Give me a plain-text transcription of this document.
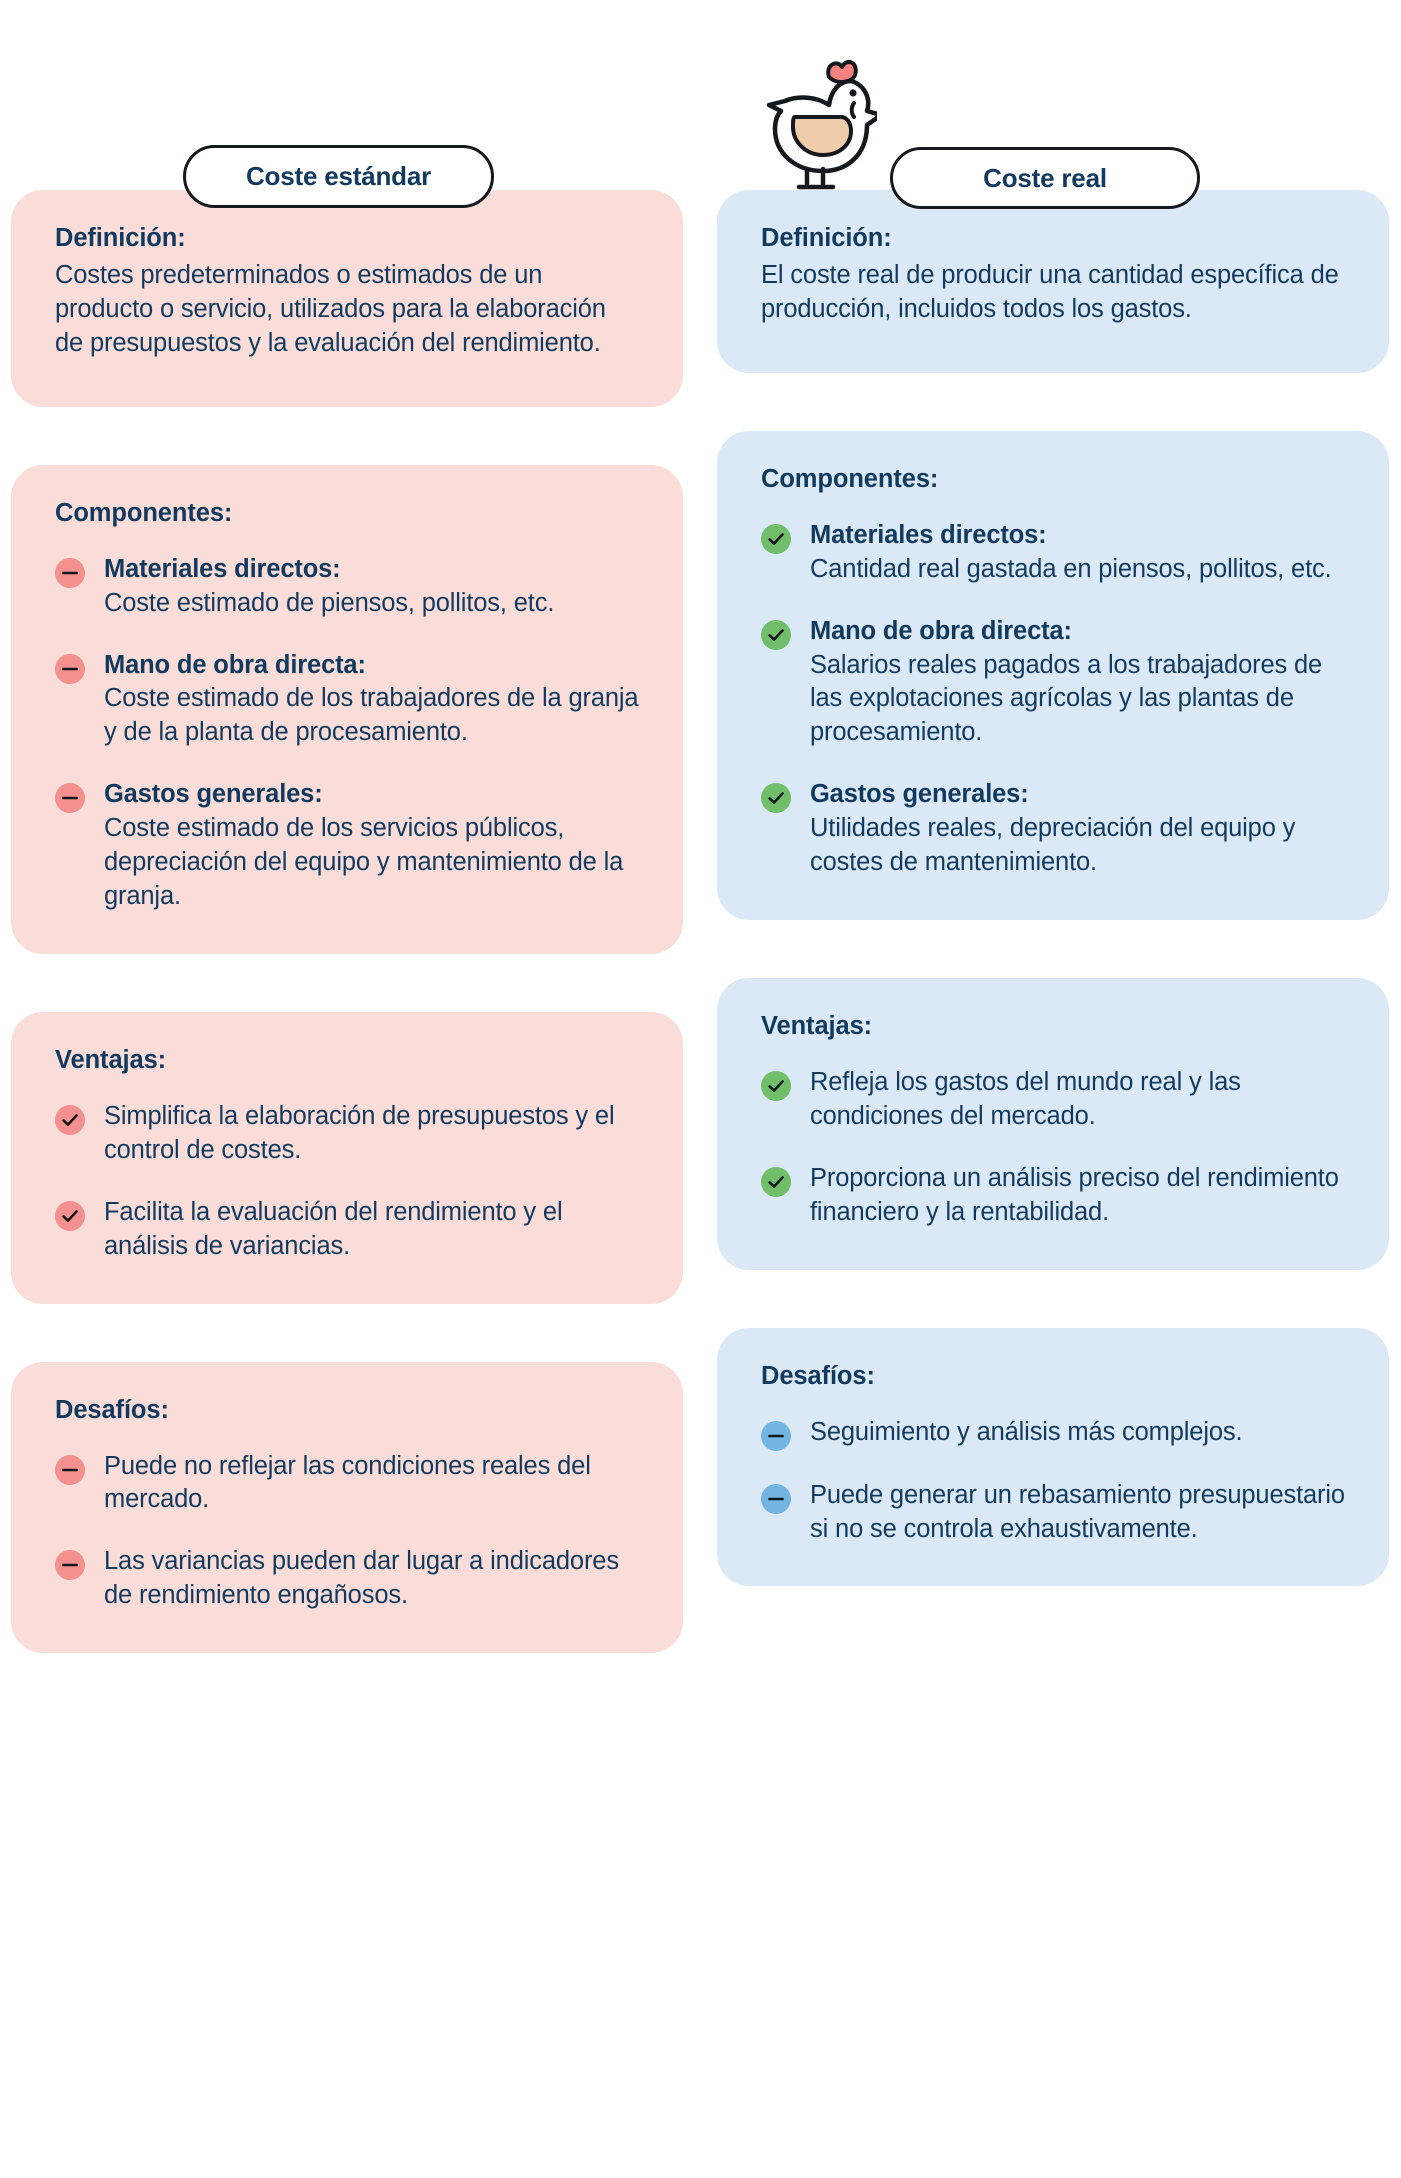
Definición:

Costes predeterminados o estimados de un producto o servicio, utilizados para la elaboración de presupuestos y la evaluación del rendimiento.

Componentes:

Materiales directos:
Coste estimado de piensos, pollitos, etc.
Mano de obra directa:
Coste estimado de los trabajadores de la granja y de la planta de procesamiento.
Gastos generales:
Coste estimado de los servicios públicos, depreciación del equipo y mantenimiento de la granja.

Ventajas:

Simplifica la elaboración de presupuestos y el control de costes.
Facilita la evaluación del rendimiento y el análisis de variancias.

Desafíos:

Puede no reflejar las condiciones reales del mercado.
Las variancias pueden dar lugar a indicadores de rendimiento engañosos.

Definición:

El coste real de producir una cantidad específica de producción, incluidos todos los gastos.

Componentes:

Materiales directos:
Cantidad real gastada en piensos, pollitos, etc.
Mano de obra directa:
Salarios reales pagados a los trabajadores de las explotaciones agrícolas y las plantas de procesamiento.
Gastos generales:
Utilidades reales, depreciación del equipo y costes de mantenimiento.

Ventajas:

Refleja los gastos del mundo real y las condiciones del mercado.
Proporciona un análisis preciso del rendimiento financiero y la rentabilidad.

Desafíos:

Seguimiento y análisis más complejos.
Puede generar un rebasamiento presupuestario si no se controla exhaustivamente.
Coste estándar	Coste real
